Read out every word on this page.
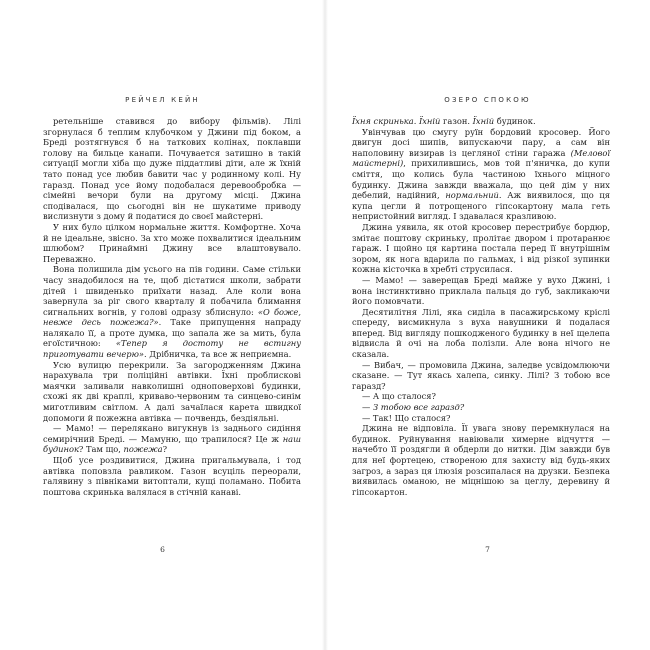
РЕЙЧЕЛ КЕЙН

ретельніше ставився до вибору фільмів). Лілі згорнулася б теплим клубочком у Джини під боком, а Бреді розтягнувся б на таткових колінах, поклавши голову на бильце канапи. Почувается затишно в такій ситуації могли хіба що дуже піддатливі діти, але ж їхній тато понад усе любив бавити час у родинному колі. Ну гаразд. Понад усе йому подобалася деревообробка — сімейні вечори були на другому місці. Джина сподівалася, що сьогодні він не шукатиме приводу вислизнути з дому й податися до своєї майстерні.

У них було цілком нормальне життя. Комфортне. Хоча й не ідеальне, звісно. За хто може похвалитися ідеальним шлюбом? Принаймні Джину все влаштовувало. Переважно.

Вона полишила дім усього на пів години. Саме стільки часу знадобилося на те, щоб дістатися школи, забрати дітей і швиденько приїхати назад. Але коли вона завернула за ріг свого кварталу й побачила блимання сигнальних вогнів, у голові одразу зблиснуло: «О боже, невже десь пожежа?». Таке припущення напраду налякало її, а проте думка, що запала же за мить, була егоїстичною: «Тепер я достоту не встигну приготувати вечерю». Дрібничка, та все ж неприємна.

Усю вулицю перекрили. За загородженням Джина нарахувала три поліційні автівки. Їхні проблискові маячки заливали навколишні одноповерхові будинки, схожі як дві краплі, криваво-червоним та синцево-синім миготливим світлом. А далі зачаїлася карета швидкої допомоги й пожежна автівка — почвендь, бездіяльні.

— Мамо! — перелякано вигукнув із заднього сидіння семирічний Бреді. — Мамуню, що трапилося? Це ж наш будинок? Там що, пожежа?

Щоб усе роздивитися, Джина пригальмувала, і тод автівка поповзла равликом. Газон всуціль переорали, галявину з півнiками витоптали, кущі поламано. Побита поштова скринька валялася в стічній канаві.

6
ОЗЕРО СПОКОЮ

Їхня скринька. Їхній газон. Їхній будинок.

Увінчував цю смугу руїн бордовий кросовер. Його двигун досі шипів, випускаючи пару, а сам він наполовину визирав із цегляної стіни гаража (Мелової майстерні), прихилившись, мов той п'яничка, до купи сміття, що колись була частиною їхнього міцного будинку. Джина завжди вважала, що цей дім у них дебелий, надійний, нормальний. Аж виявилося, що ця купа цегли й потрощеного гіпсокартону мала геть непристойний вигляд. І здавалася кразливою.

Джина уявила, як отой кросовер перестрибує бордюр, змітає поштову скриньку, пролітає двором і протаранює гараж. І щойно ця картина постала перед її внутрішнім зором, як нога вдарила по гальмах, і від різкої зупинки кожна кісточка в хребті струсилася.

— Мамо! — заверещав Бреді майже у вухо Джині, і вона інстинктивно приклала пальця до губ, закликаючи його помовчати.

Десятилітня Лілі, яка сиділа в пасажирському кріслі спереду, висмикнула з вуха навушники й подалася вперед. Від вигляду пошкодженого будинку в неї щелепа відвисла й очі на лоба полізли. Але вона нічого не сказала.

— Вибач, — промовила Джина, заледве усвідомлюючи сказане. — Тут якась халепа, синку. Лілі? З тобою все гаразд?

— А що сталося?

— З тобою все гаразд?

— Так! Що сталося?

Джина не відповіла. Її увага знову перемкнулася на будинок. Руйнування навіювали химерне відчуття — начебто її роздягли й обдерли до нитки. Дім завжди був для неї фортецею, створеною для захисту від будь-яких загроз, а зараз ця ілюзія розсипалася на друзки. Безпека виявилась оманою, не міцнішою за цеглу, деревину й гіпсокартон.

7
